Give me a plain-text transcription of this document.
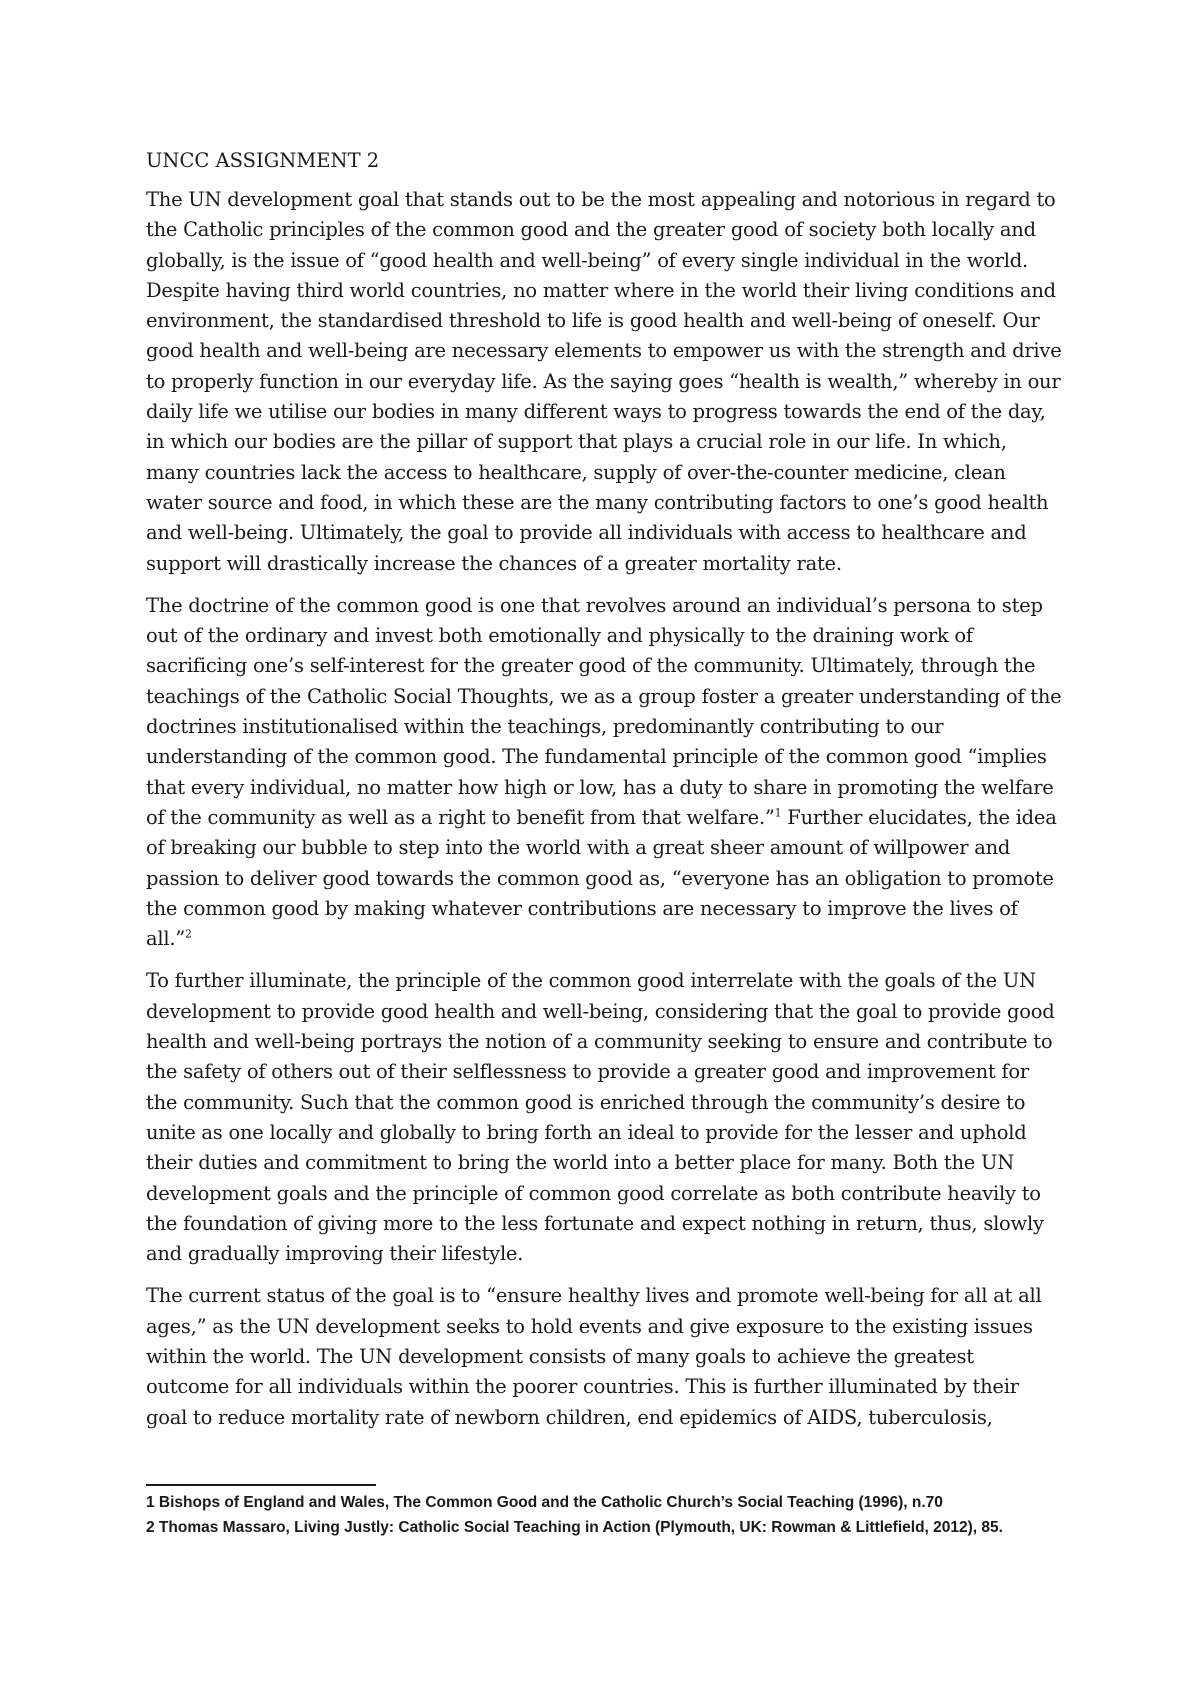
UNCC ASSIGNMENT 2

The UN development goal that stands out to be the most appealing and notorious in regard to the Catholic principles of the common good and the greater good of society both locally and globally, is the issue of “good health and well-being” of every single individual in the world. Despite having third world countries, no matter where in the world their living conditions and environment, the standardised threshold to life is good health and well-being of oneself. Our good health and well-being are necessary elements to empower us with the strength and drive to properly function in our everyday life. As the saying goes “health is wealth,” whereby in our daily life we utilise our bodies in many different ways to progress towards the end of the day, in which our bodies are the pillar of support that plays a crucial role in our life. In which, many countries lack the access to healthcare, supply of over-the-counter medicine, clean water source and food, in which these are the many contributing factors to one’s good health and well-being. Ultimately, the goal to provide all individuals with access to healthcare and support will drastically increase the chances of a greater mortality rate.

The doctrine of the common good is one that revolves around an individual’s persona to step out of the ordinary and invest both emotionally and physically to the draining work of sacrificing one’s self-interest for the greater good of the community. Ultimately, through the teachings of the Catholic Social Thoughts, we as a group foster a greater understanding of the doctrines institutionalised within the teachings, predominantly contributing to our understanding of the common good. The fundamental principle of the common good “implies that every individual, no matter how high or low, has a duty to share in promoting the welfare of the community as well as a right to benefit from that welfare.”$^1$ Further elucidates, the idea of breaking our bubble to step into the world with a great sheer amount of willpower and passion to deliver good towards the common good as, “everyone has an obligation to promote the common good by making whatever contributions are necessary to improve the lives of all.”$^2$

To further illuminate, the principle of the common good interrelate with the goals of the UN development to provide good health and well-being, considering that the goal to provide good health and well-being portrays the notion of a community seeking to ensure and contribute to the safety of others out of their selflessness to provide a greater good and improvement for the community. Such that the common good is enriched through the community’s desire to unite as one locally and globally to bring forth an ideal to provide for the lesser and uphold their duties and commitment to bring the world into a better place for many. Both the UN development goals and the principle of common good correlate as both contribute heavily to the foundation of giving more to the less fortunate and expect nothing in return, thus, slowly and gradually improving their lifestyle.

The current status of the goal is to “ensure healthy lives and promote well-being for all at all ages,” as the UN development seeks to hold events and give exposure to the existing issues within the world. The UN development consists of many goals to achieve the greatest outcome for all individuals within the poorer countries. This is further illuminated by their goal to reduce mortality rate of newborn children, end epidemics of AIDS, tuberculosis,

1 Bishops of England and Wales, The Common Good and the Catholic Church’s Social Teaching (1996), n.70

2 Thomas Massaro, Living Justly: Catholic Social Teaching in Action (Plymouth, UK: Rowman & Littlefield, 2012), 85.
